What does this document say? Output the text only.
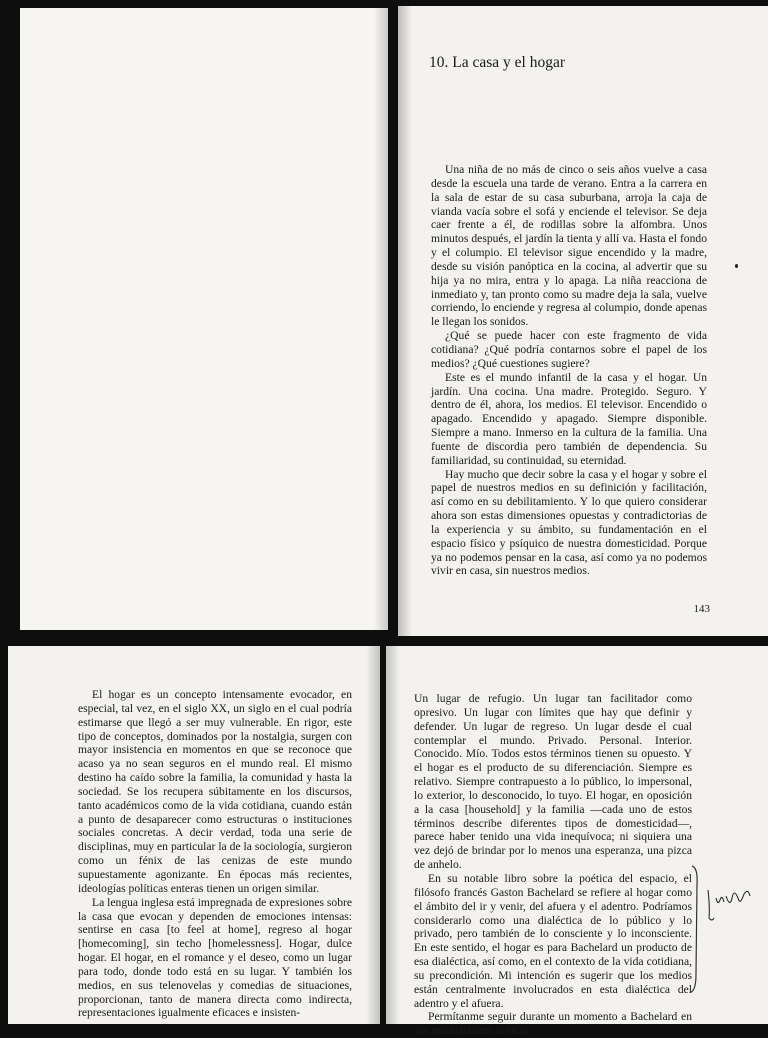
10. La casa y el hogar

Una niña de no más de cinco o seis años vuelve a casa desde la escuela una tarde de verano. Entra a la carrera en la sala de estar de su casa suburbana, arroja la caja de vianda vacía sobre el sofá y enciende el televisor. Se deja caer frente a él, de rodillas sobre la alfombra. Unos minutos después, el jardín la tienta y allí va. Hasta el fondo y el columpio. El televisor sigue encendido y la madre, desde su visión panóptica en la cocina, al advertir que su hija ya no mira, entra y lo apaga. La niña reacciona de inmediato y, tan pronto como su madre deja la sala, vuelve corriendo, lo enciende y regresa al columpio, donde apenas le llegan los sonidos.

¿Qué se puede hacer con este fragmento de vida cotidiana? ¿Qué podría contarnos sobre el papel de los medios? ¿Qué cuestiones sugiere?

Este es el mundo infantil de la casa y el hogar. Un jardín. Una cocina. Una madre. Protegido. Seguro. Y dentro de él, ahora, los medios. El televisor. Encendido o apagado. Encendido y apagado. Siempre disponible. Siempre a mano. Inmerso en la cultura de la familia. Una fuente de discordia pero también de dependencia. Su familiaridad, su continuidad, su eternidad.

Hay mucho que decir sobre la casa y el hogar y sobre el papel de nuestros medios en su definición y facilitación, así como en su debilitamiento. Y lo que quiero considerar ahora son estas dimensiones opuestas y contradictorias de la experiencia y su ámbito, su fundamentación en el espacio físico y psíquico de nuestra domesticidad. Porque ya no podemos pensar en la casa, así como ya no podemos vivir en casa, sin nuestros medios.

143

El hogar es un concepto intensamente evocador, en especial, tal vez, en el siglo XX, un siglo en el cual podría estimarse que llegó a ser muy vulnerable. En rigor, este tipo de conceptos, dominados por la nostalgia, surgen con mayor insistencia en momentos en que se reconoce que acaso ya no sean seguros en el mundo real. El mismo destino ha caído sobre la familia, la comunidad y hasta la sociedad. Se los recupera súbitamente en los discursos, tanto académicos como de la vida cotidiana, cuando están a punto de desaparecer como estructuras o instituciones sociales concretas. A decir verdad, toda una serie de disciplinas, muy en particular la de la sociología, surgieron como un fénix de las cenizas de este mundo supuestamente agonizante. En épocas más recientes, ideologías políticas enteras tienen un origen similar.

La lengua inglesa está impregnada de expresiones sobre la casa que evocan y dependen de emociones intensas: sentirse en casa [to feel at home], regreso al hogar [homecoming], sin techo [homelessness]. Hogar, dulce hogar. El hogar, en el romance y el deseo, como un lugar para todo, donde todo está en su lugar. Y también los medios, en sus telenovelas y comedias de situaciones, proporcionan, tanto de manera directa como indirecta, representaciones igualmente eficaces e insisten-

Un lugar de refugio. Un lugar tan facilitador como opresivo. Un lugar con límites que hay que definir y defender. Un lugar de regreso. Un lugar desde el cual contemplar el mundo. Privado. Personal. Interior. Conocido. Mío. Todos estos términos tienen su opuesto. Y el hogar es el producto de su diferenciación. Siempre es relativo. Siempre contrapuesto a lo público, lo impersonal, lo exterior, lo desconocido, lo tuyo. El hogar, en oposición a la casa [household] y la familia —cada uno de estos términos describe diferentes tipos de domesticidad—, parece haber tenido una vida inequívoca; ni siquiera una vez dejó de brindar por lo menos una esperanza, una pizca de anhelo.

En su notable libro sobre la poética del espacio, el filósofo francés Gaston Bachelard se refiere al hogar como el ámbito del ir y venir, del afuera y el adentro. Podríamos considerarlo como una dialéctica de lo público y lo privado, pero también de lo consciente y lo inconsciente. En este sentido, el hogar es para Bachelard un producto de esa dialéctica, así como, en el contexto de la vida cotidiana, su precondición. Mi intención es sugerir que los medios están centralmente involucrados en esta dialéctica del adentro y el afuera.

Permítanme seguir durante un momento a Bachelard en sus meditaciones críticas:
